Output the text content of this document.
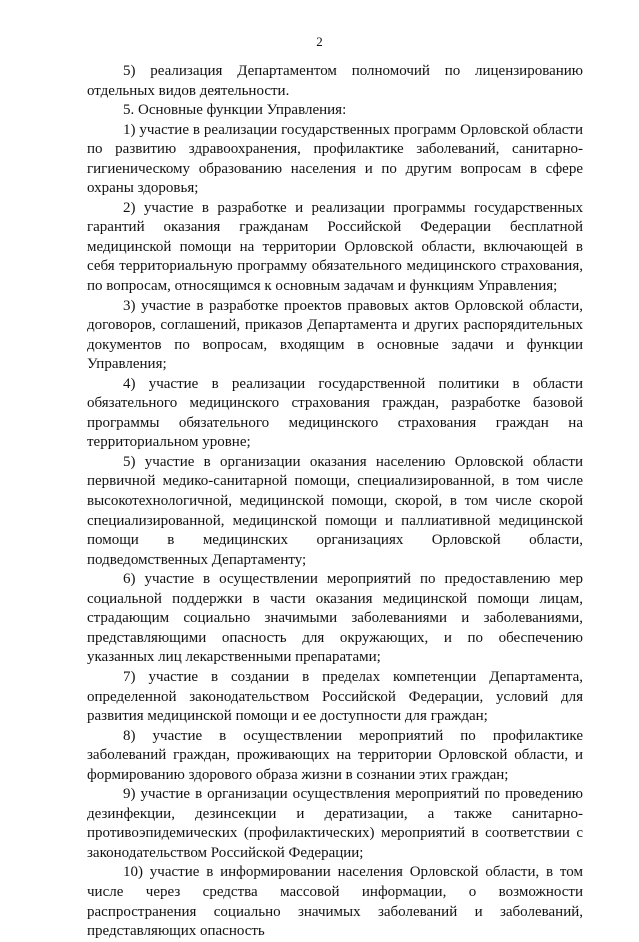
2

5) реализация Департаментом полномочий по лицензированию отдельных видов деятельности.

5. Основные функции Управления:

1) участие в реализации государственных программ Орловской области по развитию здравоохранения, профилактике заболеваний, санитарно-гигиеническому образованию населения и по другим вопросам в сфере охраны здоровья;

2) участие в разработке и реализации программы государственных гарантий оказания гражданам Российской Федерации бесплатной медицинской помощи на территории Орловской области, включающей в себя территориальную программу обязательного медицинского страхования, по вопросам, относящимся к основным задачам и функциям Управления;

3) участие в разработке проектов правовых актов Орловской области, договоров, соглашений, приказов Департамента и других распорядительных документов по вопросам, входящим в основные задачи и функции Управления;

4) участие в реализации государственной политики в области обязательного медицинского страхования граждан, разработке базовой программы обязательного медицинского страхования граждан на территориальном уровне;

5) участие в организации оказания населению Орловской области первичной медико-санитарной помощи, специализированной, в том числе высокотехнологичной, медицинской помощи, скорой, в том числе скорой специализированной, медицинской помощи и паллиативной медицинской помощи в медицинских организациях Орловской области, подведомственных Департаменту;

6) участие в осуществлении мероприятий по предоставлению мер социальной поддержки в части оказания медицинской помощи лицам, страдающим социально значимыми заболеваниями и заболеваниями, представляющими опасность для окружающих, и по обеспечению указанных лиц лекарственными препаратами;

7) участие в создании в пределах компетенции Департамента, определенной законодательством Российской Федерации, условий для развития медицинской помощи и ее доступности для граждан;

8) участие в осуществлении мероприятий по профилактике заболеваний граждан, проживающих на территории Орловской области, и формированию здорового образа жизни в сознании этих граждан;

9) участие в организации осуществления мероприятий по проведению дезинфекции, дезинсекции и дератизации, а также санитарно-противоэпидемических (профилактических) мероприятий в соответствии с законодательством Российской Федерации;

10) участие в информировании населения Орловской области, в том числе через средства массовой информации, о возможности распространения социально значимых заболеваний и заболеваний, представляющих опасность
